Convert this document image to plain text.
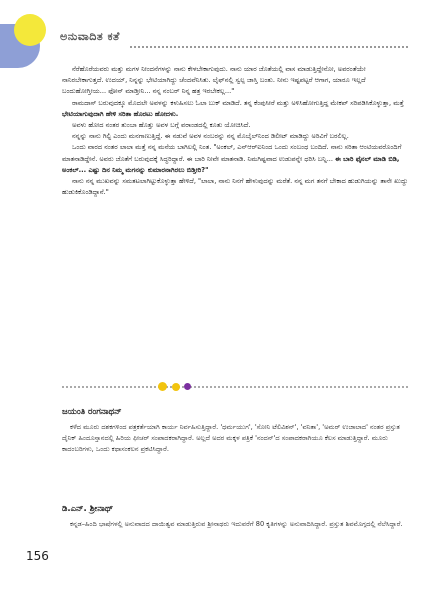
ಅನುವಾದಿತ ಕತೆ

ನೆರೆಹೊರೆಯವರು ಮತ್ತು ಮಗಳ ನೀಂದನೆಗಳನ್ನು ನಾನು ಕೇಳಬೇಕಾಗುವುದು. ನಾನು ಯಾರ ಜೊತೆಯಲ್ಲಿ ವಾಸ ಮಾಡುತ್ತಿದ್ದೇನೋ, ಅವರಂತೆಯೇ ನಾನಿರಬೇಕಾಗುತ್ತದೆ. ಉದಯ್, ನಿನ್ನನ್ನು ಭೇಟಿಯಾಗಿದ್ದು ಚೆಂದವೆನಿಸಿತು. ಲೈಫ್‌ನಲ್ಲಿ ಸ್ವಲ್ಪ ಜಾಸ್ತಿ ಬಂತು. ನೀನು ಇಷ್ಟಪಟ್ಟರೆ ಆಗಾಗ, ಯಾರೂ ಇಲ್ಲದೆ ಬಂದುಹೋಗ್ತೀಯ... ಫೋನ್ ಮಾಡ್ತೀನಿ... ನನ್ನ ನಂಬರ್ ನಿನ್ನ ಹತ್ರ ಇರಬೇಕಲ್ಲ..."

ರಾಮದಾಸ್ ಬರುವುದಕ್ಕೂ ಮೊದಲೇ ಅವಳನ್ನು ಕಳುಹಿಸಲು ಓಲಾ ಬುಕ್ ಮಾಡಿದೆ. ತನ್ನ ಕೆಂಪುಸೀರೆ ಮತ್ತು ಅಳಿಸಿಹೋಗುತ್ತಿದ್ದ ಮೇಕಪ್ ಸರಿಪಡಿಸಿಕೊಳ್ಳುತ್ತಾ, ಮತ್ತೆ ಭೇಟಿಯಾಗುವುದಾಗಿ ಹೇಳಿ ಸರಿತಾ ಹೊರಟು ಹೋದಳು.

ಅವಳು ಹೋದ ನಂತರ ತುಂಬಾ ಹೊತ್ತು ಅವಳ ಬಗ್ಗೆ ವರಾಂಡದಲ್ಲಿ ಕೂತು ಯೋಚಿಸಿದೆ.

ನನ್ನನ್ನು ನಾನು ಗಿಲ್ಟಿ ಎಂದು ಮನಗಾಣುತ್ತಿದ್ದೆ. ಈ ನಡುವೆ ಅವಳ ನಂಬರನ್ನು ನನ್ನ ಮೊಬೈಲ್‌ನಿಂದ ಡಿಲೀಟ್ ಮಾಡಿದ್ದು ಅರಿವಿಗೆ ಬರಲಿಲ್ಲ.

ಒಂದು ವಾರದ ನಂತರ ಲಾಲಾ ಮತ್ತೆ ನನ್ನ ಮನೆಯ ಬಾಗಿಲಲ್ಲಿ ನಿಂತ. "ಅಂಕಲ್, ಎನ್‌ಆರ್‌ಐನಿಂದ ಒಂದು ಸಂಬಂಧ ಬಂದಿದೆ. ನಾನು ಸರಿತಾ ಆಂಟಿಯವರೊಂದಿಗೆ ಮಾತನಾಡಿದ್ದೇನೆ. ಅವರು ಜೊತೆಗೆ ಬರುವುದಕ್ಕೆ ಸಿದ್ಧರಿದ್ದಾರೆ. ಈ ಬಾರಿ ನೀವೇ ಮಾತನಾಡಿ. ನಿಮಗಿಷ್ಟವಾದ ಉಡುಪನ್ನೇ ಧರಿಸಿ ಬನ್ನಿ... ಈ ಬಾರಿ ಫೈನಲ್ ಮಾಡಿ ಬಿಡಿ, ಅಂಕಲ್... ಎಷ್ಟು ದಿನ ನಿಮ್ಮ ಮಗನನ್ನು ಕುಮಾರನಾಗಿರಲು ಬಿಡ್ತೀರಿ?"

ನಾನು ನನ್ನ ಮುಖವನ್ನು ಸಮತಟಲಾಗಿಟ್ಟುಕೊಳ್ಳುತ್ತಾ ಹೇಳಿದೆ, "ಲಾಲಾ, ನಾನು ನಿನಗೆ ಹೇಳುವುದನ್ನು ಮರೆತೆ. ನನ್ನ ಮಗ ತನಗೆ ಬೇಕಾದ ಹುಡುಗಿಯನ್ನು ತಾನೇ ಖುದ್ದು ಹುಡುಕಿಕೊಂಡಿದ್ದಾನೆ."

ಜಯಂತಿ ರಂಗನಾಥನ್
ಕಳೆದ ಮೂರು ದಶಕಗಳಿಂದ ಪತ್ರಕರ್ತೆಯಾಗಿ ಕಾರ್ಯ ನಿರ್ವಹಿಸುತ್ತಿದ್ದಾರೆ. 'ಧರ್ಮಯುಗ', 'ಸೋನಿ ಟೆಲಿವಿಶನ್', 'ವನಿತಾ', 'ಅಮರ್ ಉಜಾಲಾದ' ನಂತರ ಪ್ರಸ್ತುತ ದೈನಿಕ್ ಹಿಂದೂಸ್ತಾನದಲ್ಲಿ ಹಿರಿಯ ಫೀಚರ್ ಸಂಪಾದಕರಾಗಿದ್ದಾರೆ. ಅಲ್ಲದೆ ಅದರ ಮಕ್ಕಳ ಪತ್ರಿಕೆ 'ನಂದನ್'ದ ಸಂಪಾದಕರಾಗಿಯೂ ಕೆಲಸ ಮಾಡುತ್ತಿದ್ದಾರೆ. ಮೂರು ಕಾದಂಬರಿಗಳು, ಒಂದು ಕಥಾಸಂಕಲನ ಪ್ರಕಟಿಸಿದ್ದಾರೆ.
ಡಿ.ಎನ್. ಶ್ರೀನಾಥ್
ಕನ್ನಡ–ಹಿಂದಿ ಭಾಷೆಗಳಲ್ಲಿ ಅನುವಾದದ ದಾಯಿತ್ವವ ಮಾಡುತ್ತಿರುವ ಶ್ರೀನಾಥರು ಇದುವರೆಗೆ 80 ಕೃತಿಗಳನ್ನು ಅನುವಾದಿಸಿದ್ದಾರೆ. ಪ್ರಸ್ತುತ ಶಿವಮೊಗ್ಗದಲ್ಲಿ ನೆಲೆಸಿದ್ದಾರೆ.
156
